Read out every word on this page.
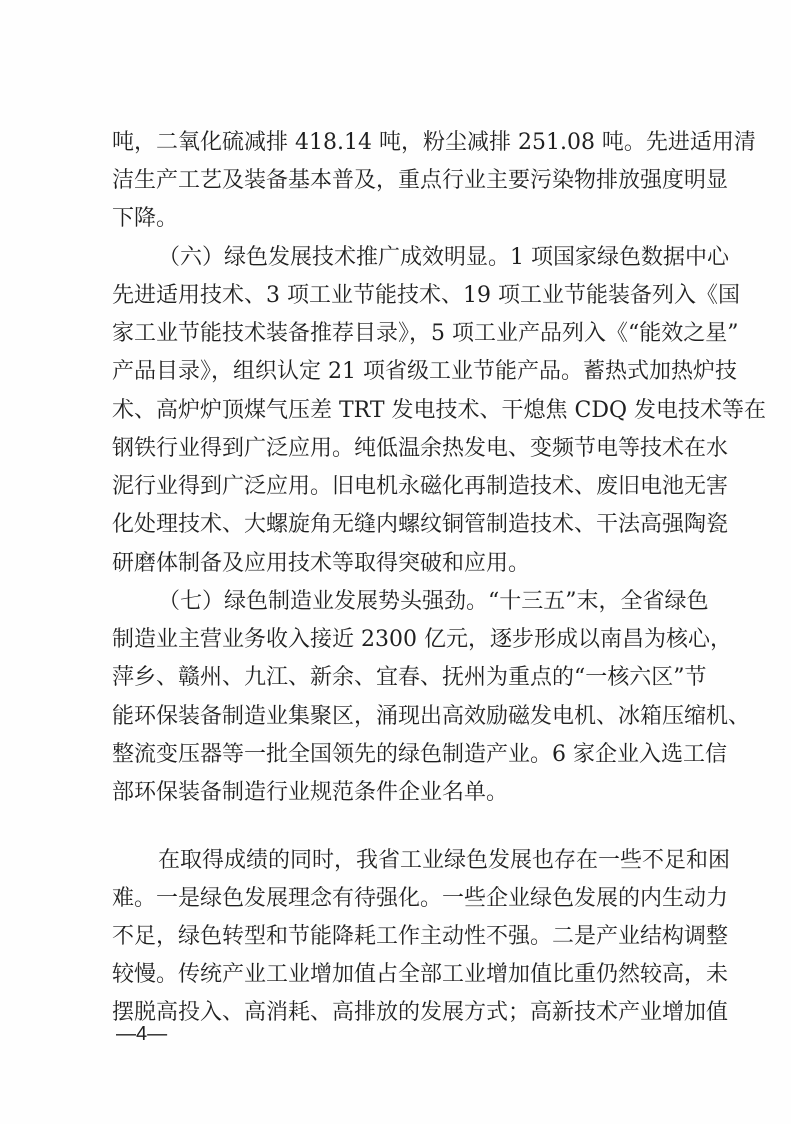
吨，二氧化硫减排 418.14 吨，粉尘减排 251.08 吨。先进适用清
洁生产工艺及装备基本普及，重点行业主要污染物排放强度明显
下降。
（六）绿色发展技术推广成效明显。1 项国家绿色数据中心
先进适用技术、3 项工业节能技术、19 项工业节能装备列入《国
家工业节能技术装备推荐目录》，5 项工业产品列入《“能效之星”
产品目录》，组织认定 21 项省级工业节能产品。蓄热式加热炉技
术、高炉炉顶煤气压差 TRT 发电技术、干熄焦 CDQ 发电技术等在
钢铁行业得到广泛应用。纯低温余热发电、变频节电等技术在水
泥行业得到广泛应用。旧电机永磁化再制造技术、废旧电池无害
化处理技术、大螺旋角无缝内螺纹铜管制造技术、干法高强陶瓷
研磨体制备及应用技术等取得突破和应用。
（七）绿色制造业发展势头强劲。“十三五”末，全省绿色
制造业主营业务收入接近 2300 亿元，逐步形成以南昌为核心，
萍乡、赣州、九江、新余、宜春、抚州为重点的“一核六区”节
能环保装备制造业集聚区，涌现出高效励磁发电机、冰箱压缩机、
整流变压器等一批全国领先的绿色制造产业。6 家企业入选工信
部环保装备制造行业规范条件企业名单。
在取得成绩的同时，我省工业绿色发展也存在一些不足和困
难。一是绿色发展理念有待强化。一些企业绿色发展的内生动力
不足，绿色转型和节能降耗工作主动性不强。二是产业结构调整
较慢。传统产业工业增加值占全部工业增加值比重仍然较高，未
摆脱高投入、高消耗、高排放的发展方式；高新技术产业增加值
—4—
